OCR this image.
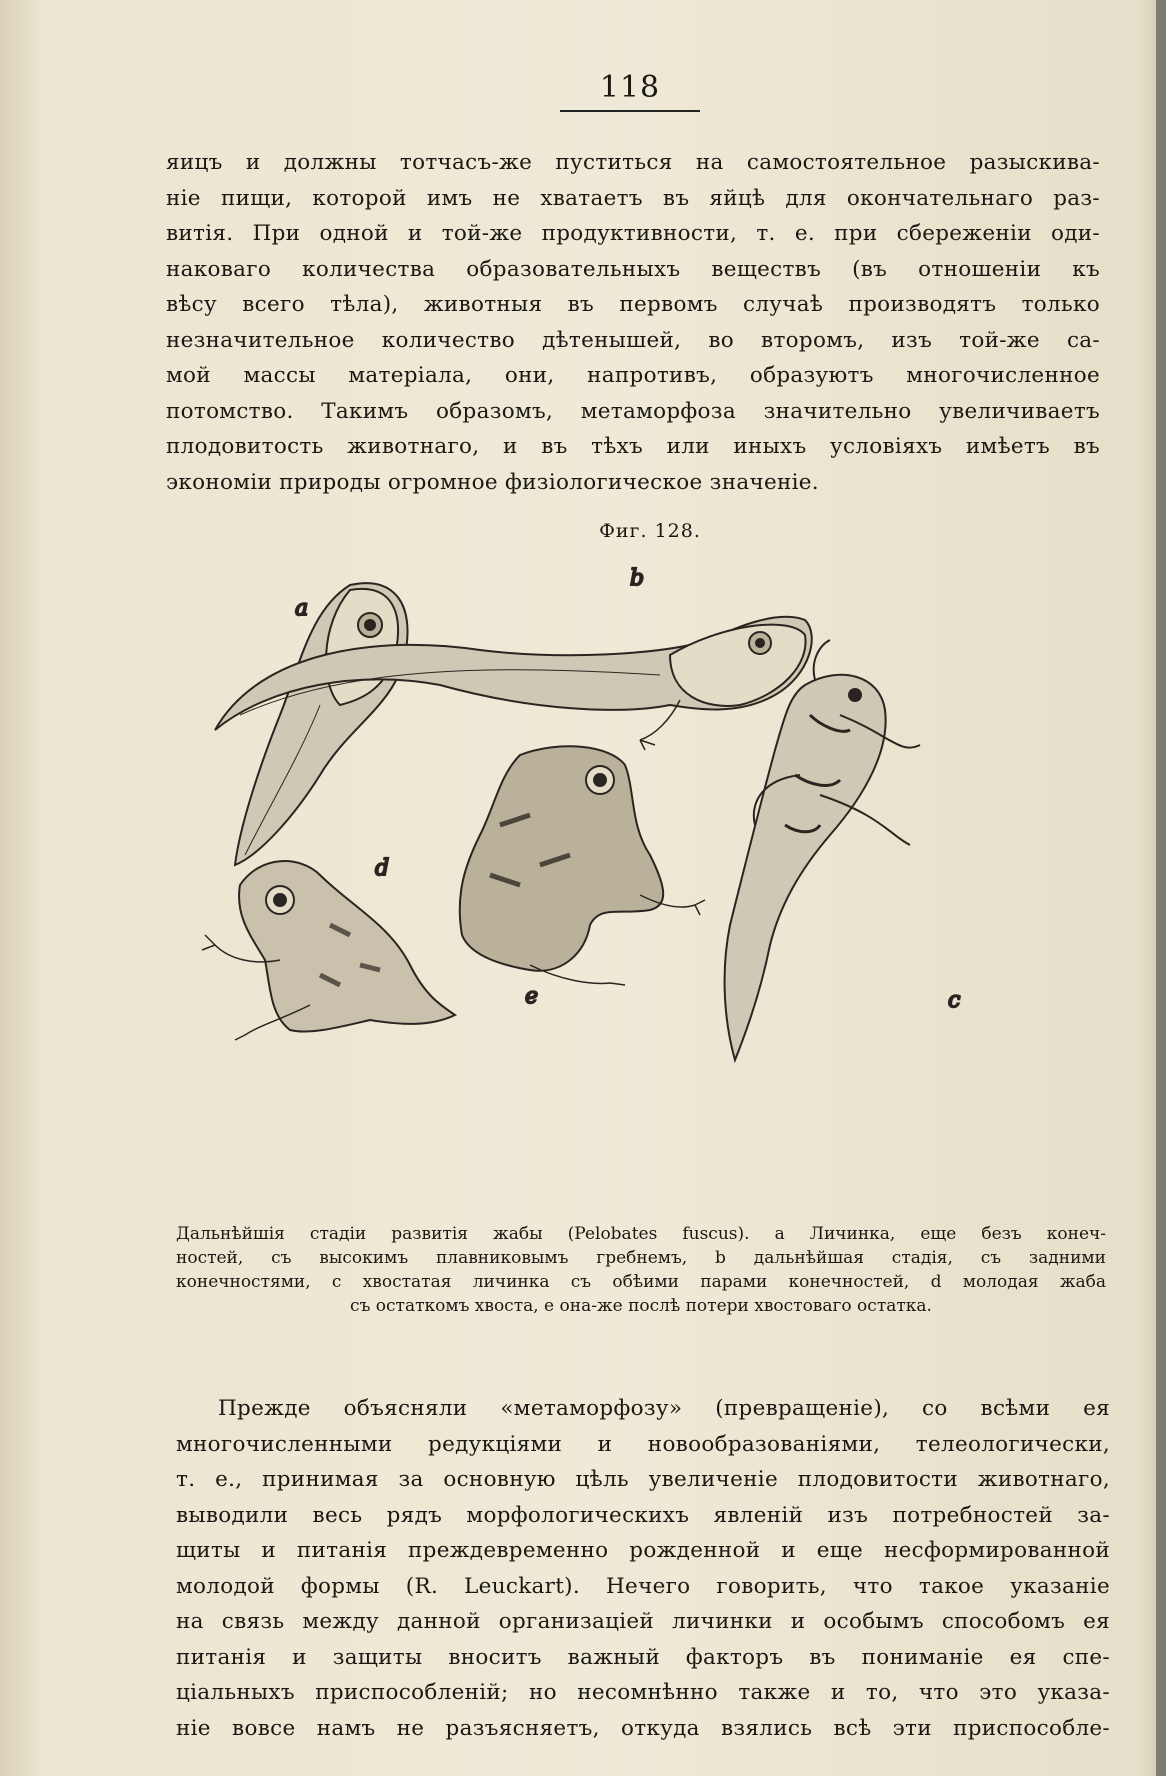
118
яицъ и должны тотчасъ-же пуститься на самостоятельное разыскива-
ніе пищи, которой имъ не хватаетъ въ яйцѣ для окончательнаго раз-
витія. При одной и той-же продуктивности, т. е. при сбереженіи оди-
наковаго количества образовательныхъ веществъ (въ отношеніи къ
вѣсу всего тѣла), животныя въ первомъ случаѣ производятъ только
незначительное количество дѣтенышей, во второмъ, изъ той-же са-
мой массы матеріала, они, напротивъ, образуютъ многочисленное
потомство. Такимъ образомъ, метаморфоза значительно увеличиваетъ
плодовитость животнаго, и въ тѣхъ или иныхъ условіяхъ имѣетъ въ
экономіи природы огромное физіологическое значеніе.
Фиг. 128.
a
b
c
d
e
Дальнѣйшія стадіи развитія жабы (Pelobates fuscus). a Личинка, еще безъ конеч-
ностей, съ высокимъ плавниковымъ гребнемъ, b дальнѣйшая стадія, съ задними
конечностями, c хвостатая личинка съ обѣими парами конечностей, d молодая жаба
съ остаткомъ хвоста, e она-же послѣ потери хвостоваго остатка.
Прежде объясняли «метаморфозу» (превращеніе), со всѣми ея
многочисленными редукціями и новообразованіями, телеологически,
т. е., принимая за основную цѣль увеличеніе плодовитости животнаго,
выводили весь рядъ морфологическихъ явленій изъ потребностей за-
щиты и питанія преждевременно рожденной и еще несформированной
молодой формы (R. Leuckart). Нечего говорить, что такое указаніе
на связь между данной организаціей личинки и особымъ способомъ ея
питанія и защиты вноситъ важный факторъ въ пониманіе ея спе-
ціальныхъ приспособленій; но несомнѣнно также и то, что это указа-
ніе вовсе намъ не разъясняетъ, откуда взялись всѣ эти приспособле-
